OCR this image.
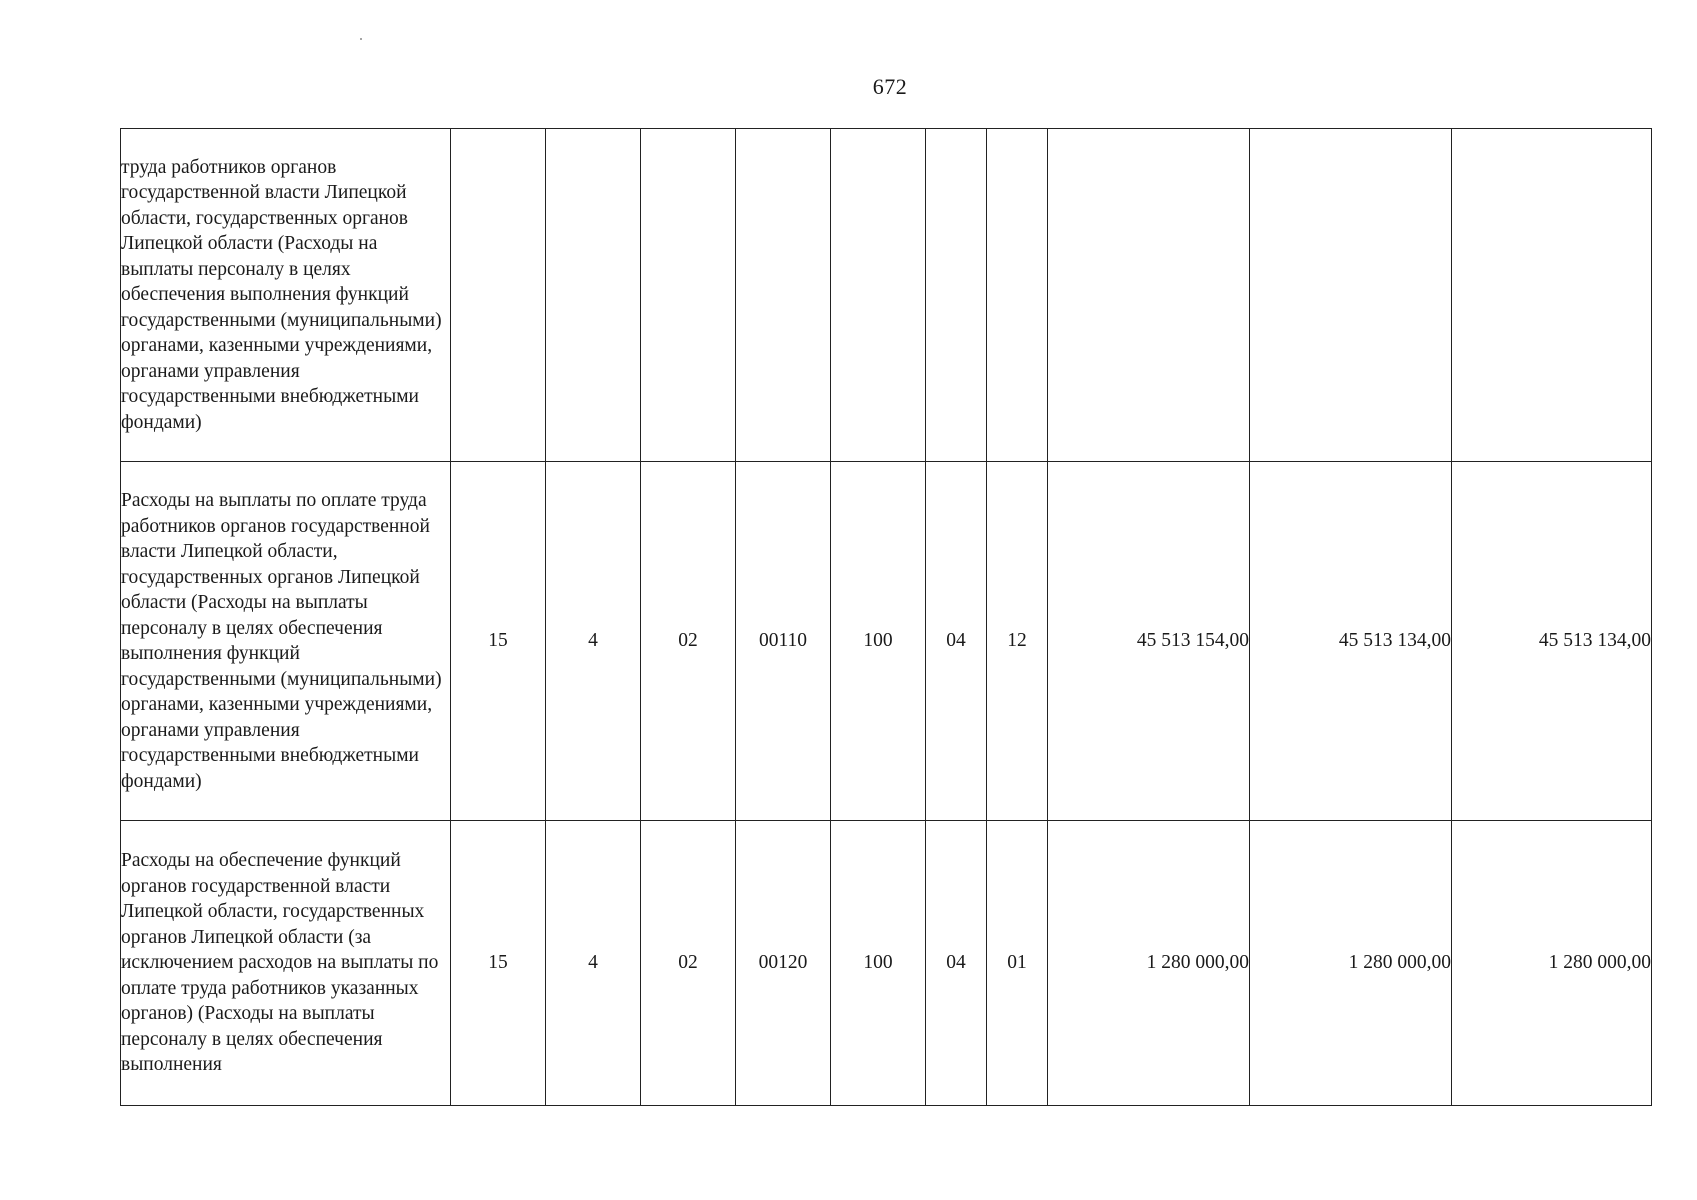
672
труда работников органов государственной власти Липецкой области, государственных органов Липецкой области (Расходы на выплаты персоналу в целях обеспечения выполнения функций государственными (муниципальными) органами, казенными учреждениями, органами управления государственными внебюджетными фондами)										
Расходы на выплаты по оплате труда работников органов государственной власти Липецкой области, государственных органов Липецкой области (Расходы на выплаты персоналу в целях обеспечения выполнения функций государственными (муниципальными) органами, казенными учреждениями, органами управления государственными внебюджетными фондами)	15	4	02	00110	100	04	12	45 513 154,00	45 513 134,00	45 513 134,00
Расходы на обеспечение функций органов государственной власти Липецкой области, государственных органов Липецкой области (за исключением расходов на выплаты по оплате труда работников указанных органов) (Расходы на выплаты персоналу в целях обеспечения выполнения	15	4	02	00120	100	04	01	1 280 000,00	1 280 000,00	1 280 000,00
